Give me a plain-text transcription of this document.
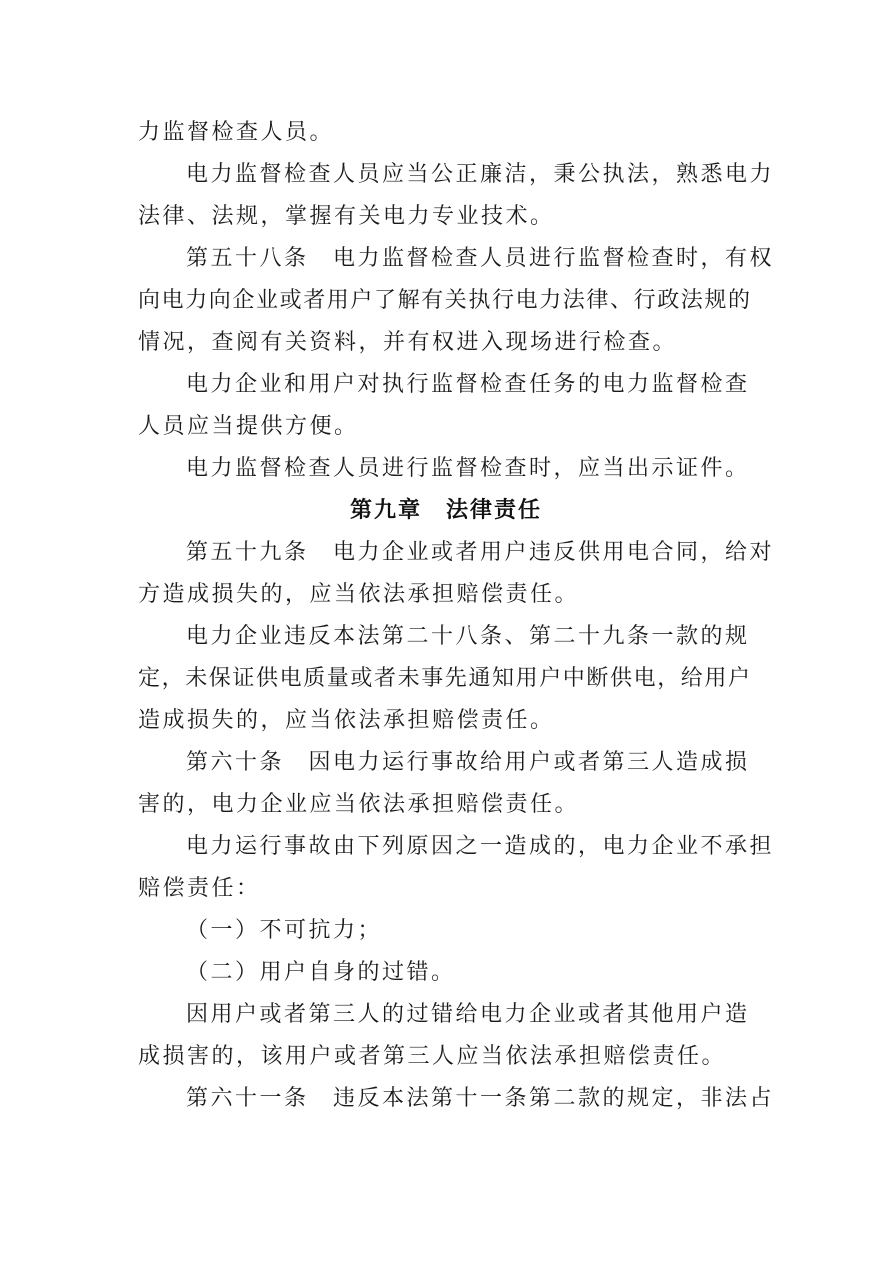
力监督检查人员。
电力监督检查人员应当公正廉洁，秉公执法，熟悉电力
法律、法规，掌握有关电力专业技术。
第五十八条　电力监督检查人员进行监督检查时，有权
向电力向企业或者用户了解有关执行电力法律、行政法规的
情况，查阅有关资料，并有权进入现场进行检查。
电力企业和用户对执行监督检查任务的电力监督检查
人员应当提供方便。
电力监督检查人员进行监督检查时，应当出示证件。
第九章　法律责任
第五十九条　电力企业或者用户违反供用电合同，给对
方造成损失的，应当依法承担赔偿责任。
电力企业违反本法第二十八条、第二十九条一款的规
定，未保证供电质量或者未事先通知用户中断供电，给用户
造成损失的，应当依法承担赔偿责任。
第六十条　因电力运行事故给用户或者第三人造成损
害的，电力企业应当依法承担赔偿责任。
电力运行事故由下列原因之一造成的，电力企业不承担
赔偿责任：
（一）不可抗力；
（二）用户自身的过错。
因用户或者第三人的过错给电力企业或者其他用户造
成损害的，该用户或者第三人应当依法承担赔偿责任。
第六十一条　违反本法第十一条第二款的规定，非法占
